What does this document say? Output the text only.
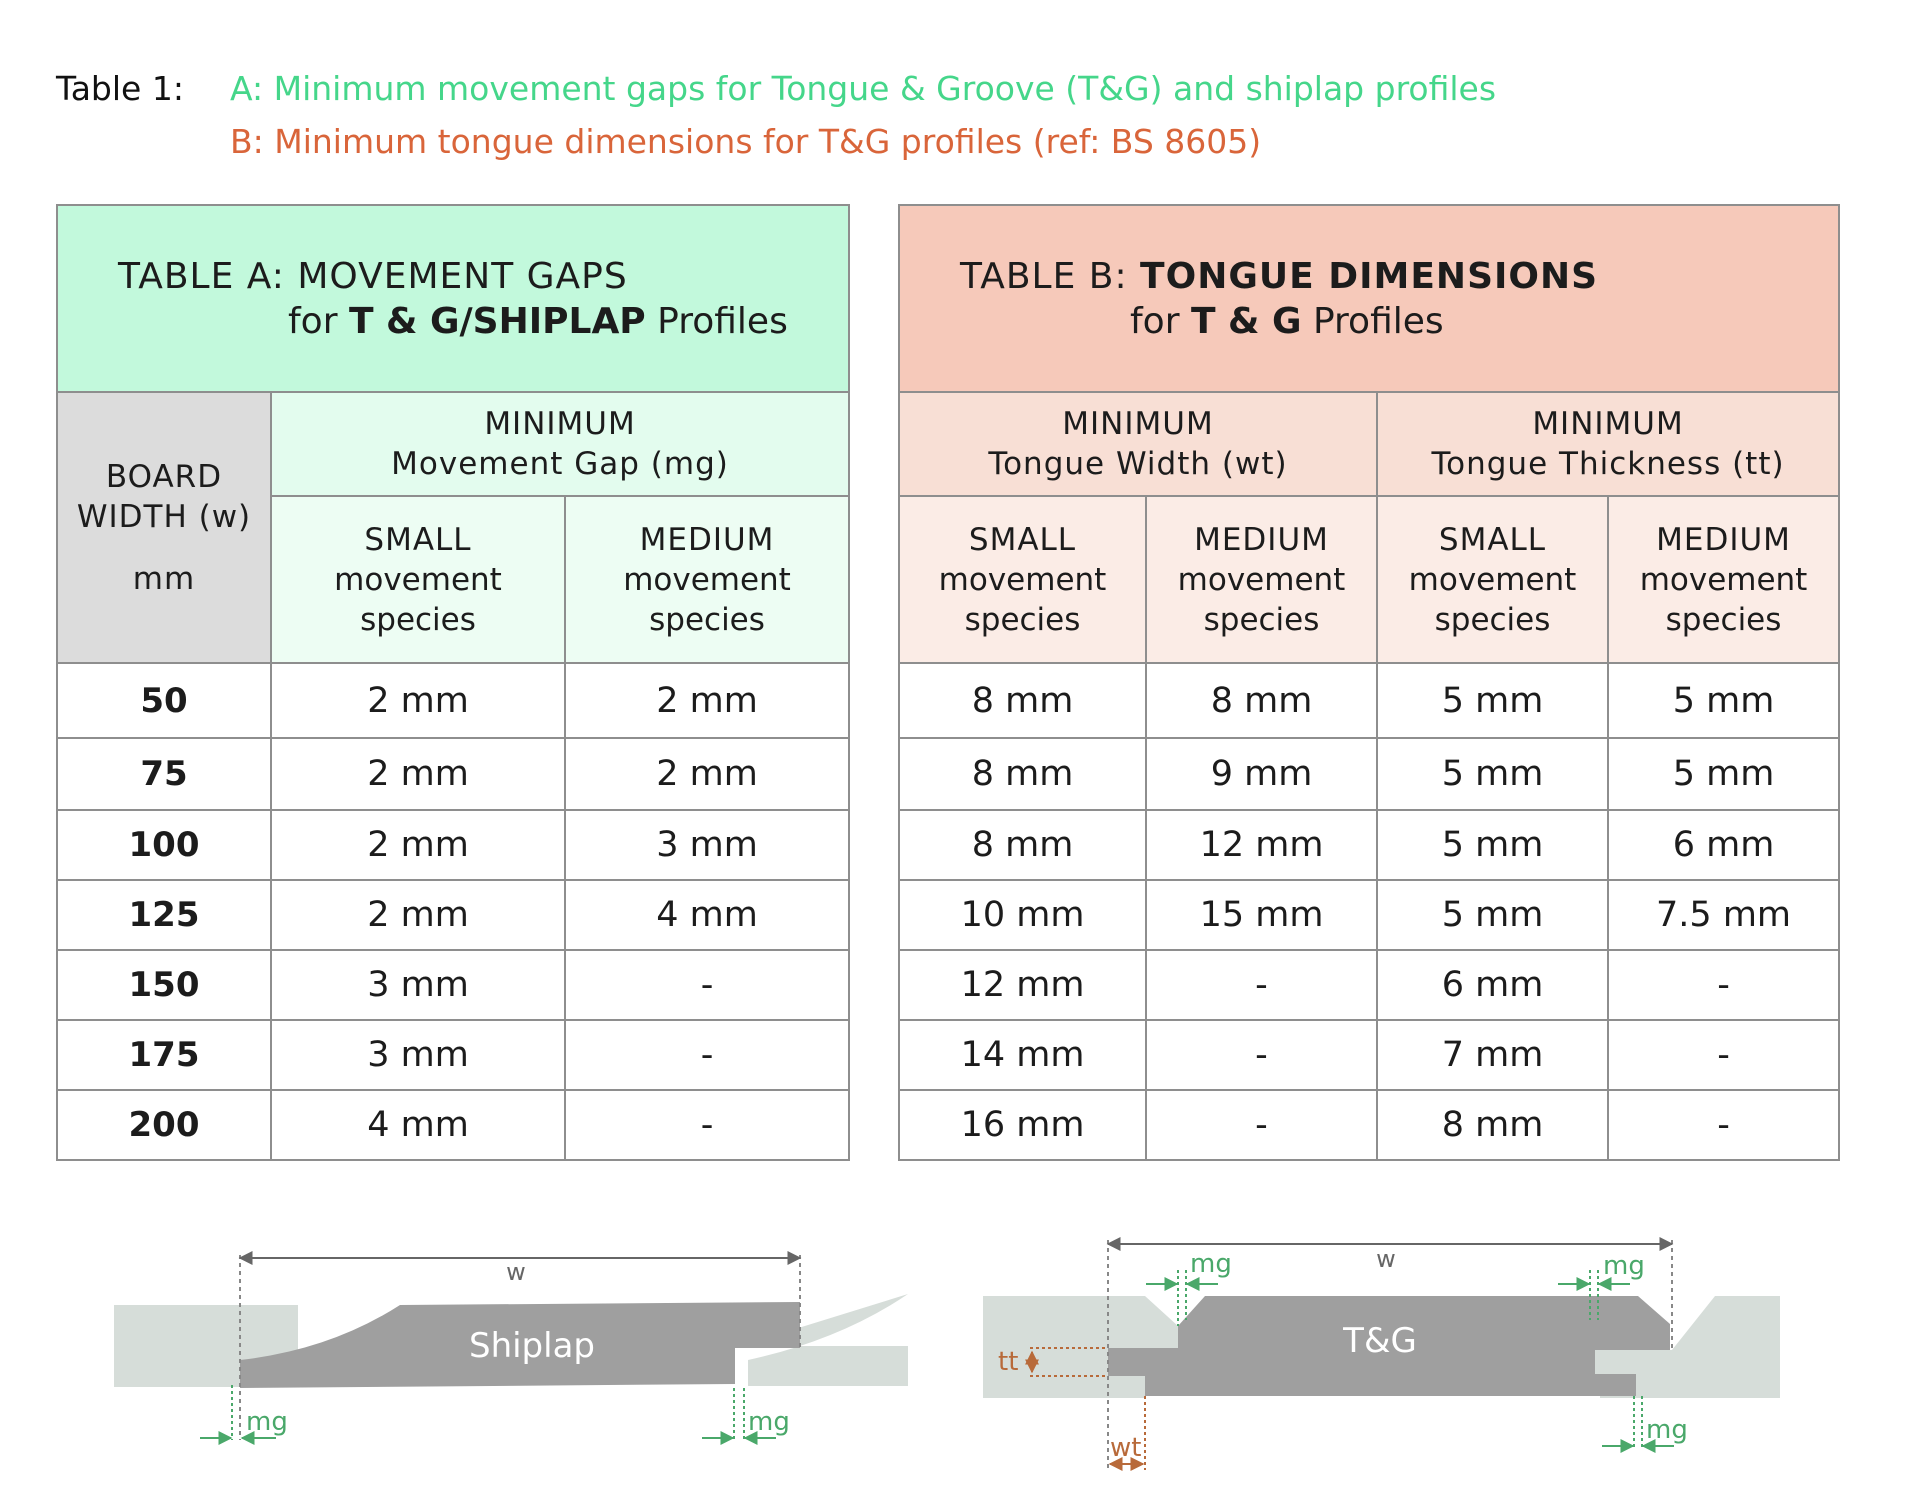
Table 1: A: Minimum movement gaps for Tongue & Groove (T&G) and shiplap profiles
B: Minimum tongue dimensions for T&G profiles (ref: BS 8605)
TABLE A: MOVEMENT GAPS
for T & G/SHIPLAP Profiles		

BOARD
WIDTH (w)
mm	MINIMUM
Movement Gap (mg)	

	SMALL
movement
species	MEDIUM
movement
species

50	2 mm	2 mm
75	2 mm	2 mm
100	2 mm	3 mm
125	2 mm	4 mm
150	3 mm	-
175	3 mm	-
200	4 mm	-
TABLE B: TONGUE DIMENSIONS
for T & G Profiles			

MINIMUM
Tongue Width (wt)		MINIMUM
Tongue Thickness (tt)	

SMALL
movement
species	MEDIUM
movement
species	SMALL
movement
species	MEDIUM
movement
species

8 mm	8 mm	5 mm	5 mm
8 mm	9 mm	5 mm	5 mm
8 mm	12 mm	5 mm	6 mm
10 mm	15 mm	5 mm	7.5 mm
12 mm	-	6 mm	-
14 mm	-	7 mm	-
16 mm	-	8 mm	-
w
Shiplap
mg	mg
w
T&G
mg	mg
mg
tt
wt
